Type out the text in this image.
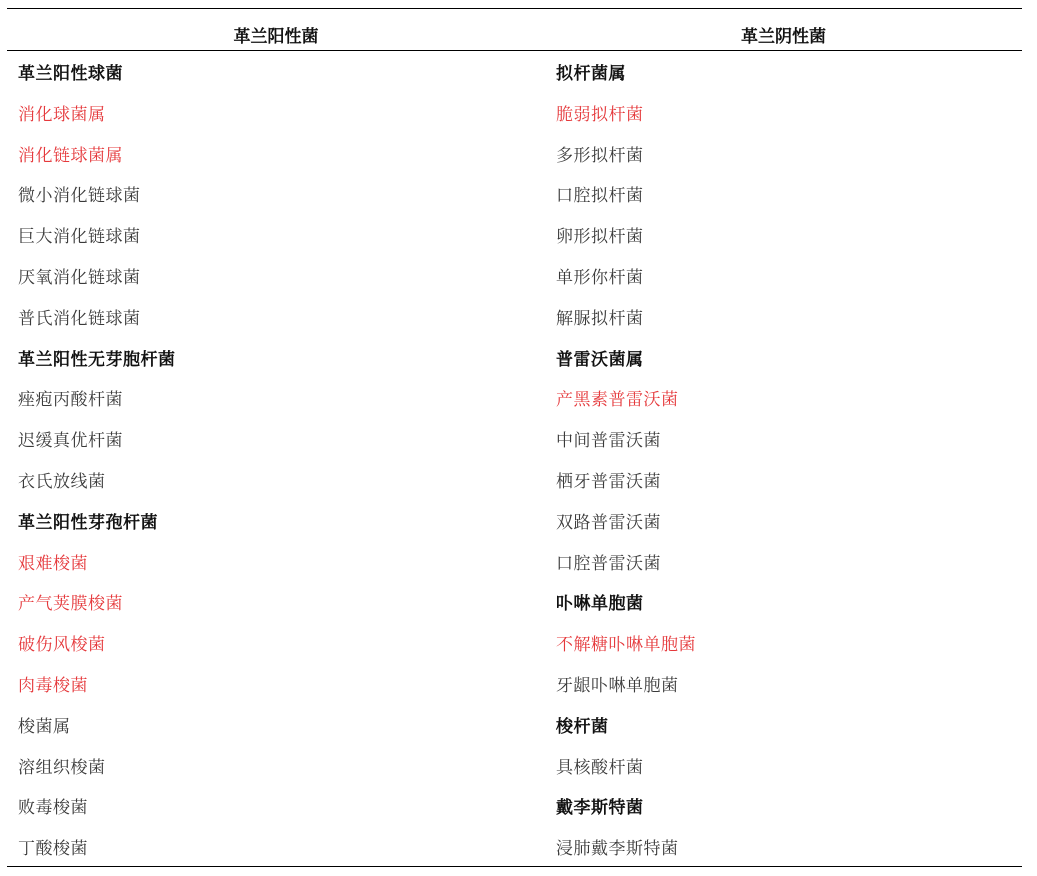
革兰阳性菌	革兰阴性菌
革兰阳性球菌
消化球菌属
消化链球菌属
微小消化链球菌
巨大消化链球菌
厌氧消化链球菌
普氏消化链球菌
革兰阳性无芽胞杆菌
痤疱丙酸杆菌
迟缓真优杆菌
衣氏放线菌
革兰阳性芽孢杆菌
艰难梭菌
产气荚膜梭菌
破伤风梭菌
肉毒梭菌
梭菌属
溶组织梭菌
败毒梭菌
丁酸梭菌
拟杆菌属
脆弱拟杆菌
多形拟杆菌
口腔拟杆菌
卵形拟杆菌
单形你杆菌
解脲拟杆菌
普雷沃菌属
产黑素普雷沃菌
中间普雷沃菌
栖牙普雷沃菌
双路普雷沃菌
口腔普雷沃菌
卟啉单胞菌
不解糖卟啉单胞菌
牙龈卟啉单胞菌
梭杆菌
具核酸杆菌
戴李斯特菌
浸肺戴李斯特菌
